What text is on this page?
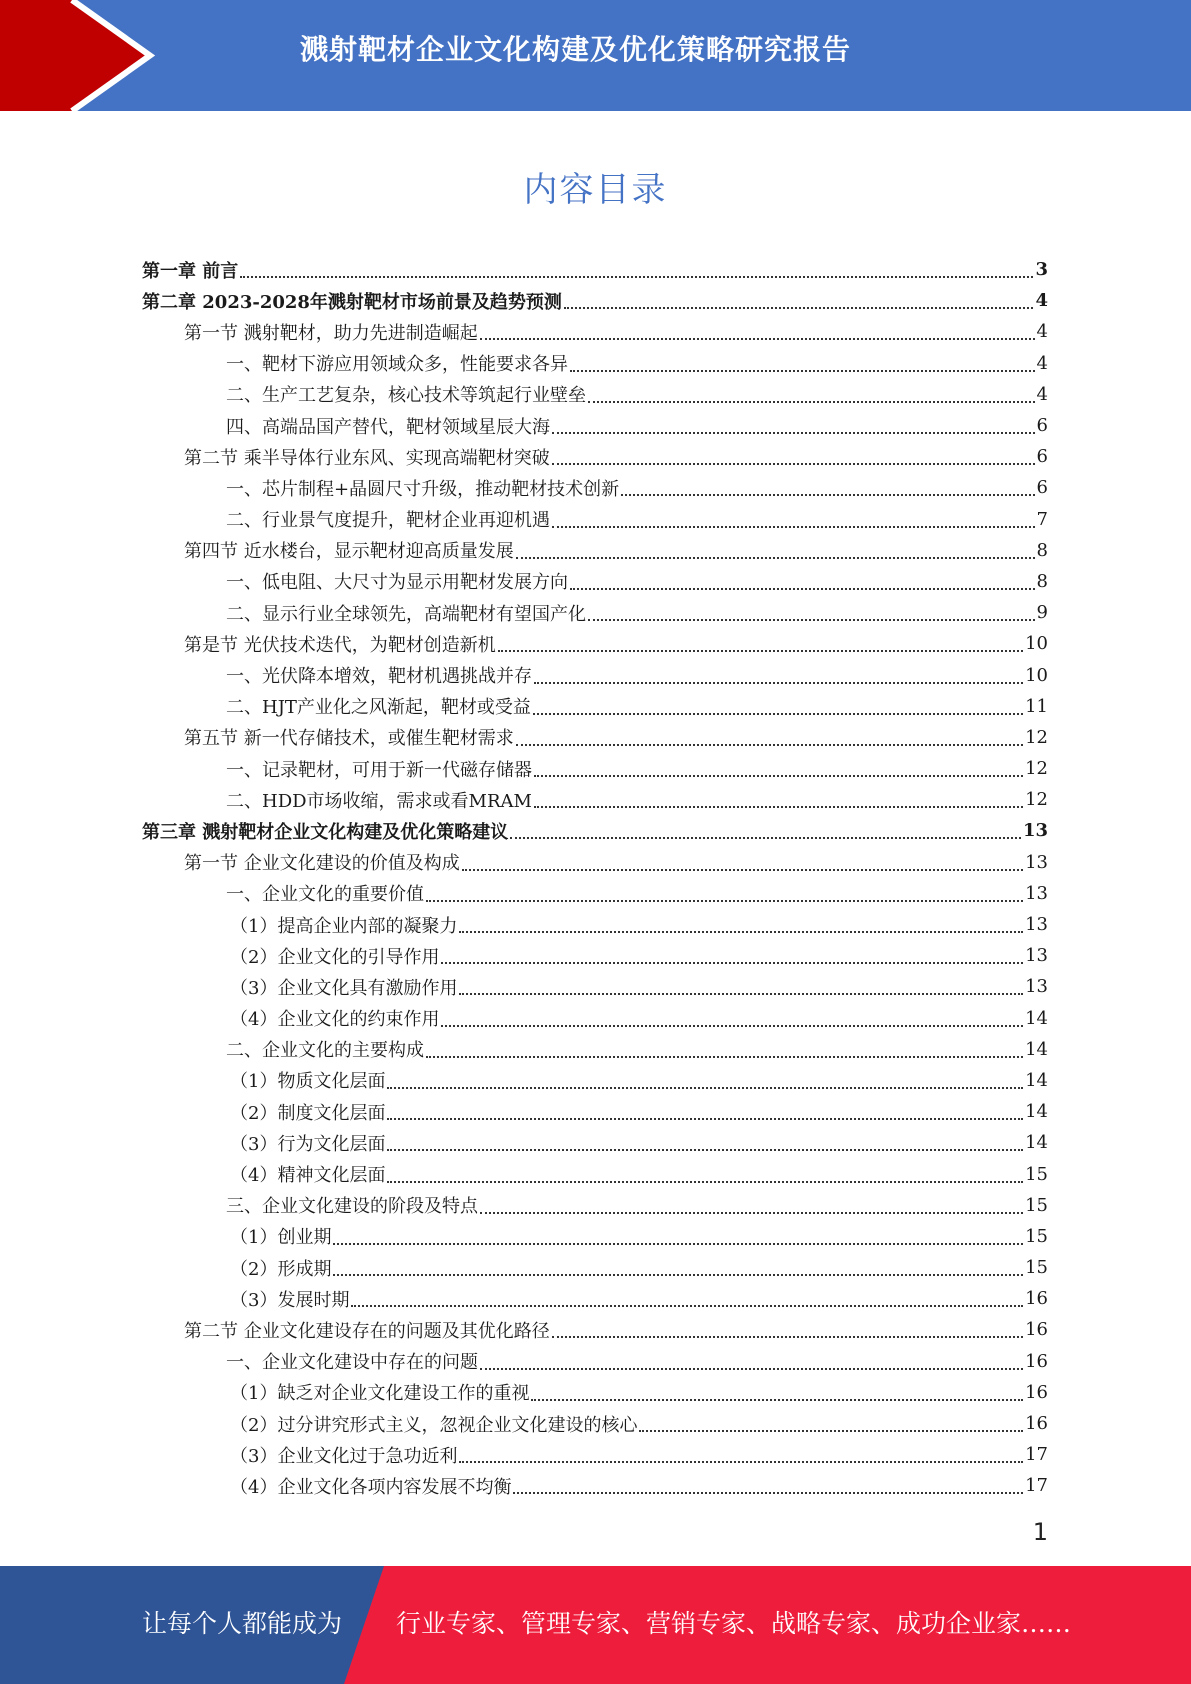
溅射靶材企业文化构建及优化策略研究报告
内容目录
第一章 前言	3
第二章 2023-2028年溅射靶材市场前景及趋势预测	4
第一节 溅射靶材，助力先进制造崛起	4
一、靶材下游应用领域众多，性能要求各异	4
二、生产工艺复杂，核心技术等筑起行业壁垒	4
四、高端品国产替代，靶材领域星辰大海	6
第二节 乘半导体行业东风、实现高端靶材突破	6
一、芯片制程+晶圆尺寸升级，推动靶材技术创新	6
二、行业景气度提升，靶材企业再迎机遇	7
第四节 近水楼台，显示靶材迎高质量发展	8
一、低电阻、大尺寸为显示用靶材发展方向	8
二、显示行业全球领先，高端靶材有望国产化	9
第是节 光伏技术迭代，为靶材创造新机	10
一、光伏降本增效，靶材机遇挑战并存	10
二、HJT产业化之风渐起，靶材或受益	11
第五节 新一代存储技术，或催生靶材需求	12
一、记录靶材，可用于新一代磁存储器	12
二、HDD市场收缩，需求或看MRAM	12
第三章 溅射靶材企业文化构建及优化策略建议	13
第一节 企业文化建设的价值及构成	13
一、企业文化的重要价值	13
（1）提高企业内部的凝聚力	13
（2）企业文化的引导作用	13
（3）企业文化具有激励作用	13
（4）企业文化的约束作用	14
二、企业文化的主要构成	14
（1）物质文化层面	14
（2）制度文化层面	14
（3）行为文化层面	14
（4）精神文化层面	15
三、企业文化建设的阶段及特点	15
（1）创业期	15
（2）形成期	15
（3）发展时期	16
第二节 企业文化建设存在的问题及其优化路径	16
一、企业文化建设中存在的问题	16
（1）缺乏对企业文化建设工作的重视	16
（2）过分讲究形式主义，忽视企业文化建设的核心	16
（3）企业文化过于急功近利	17
（4）企业文化各项内容发展不均衡	17
1
让每个人都能成为 行业专家、管理专家、营销专家、战略专家、成功企业家……
